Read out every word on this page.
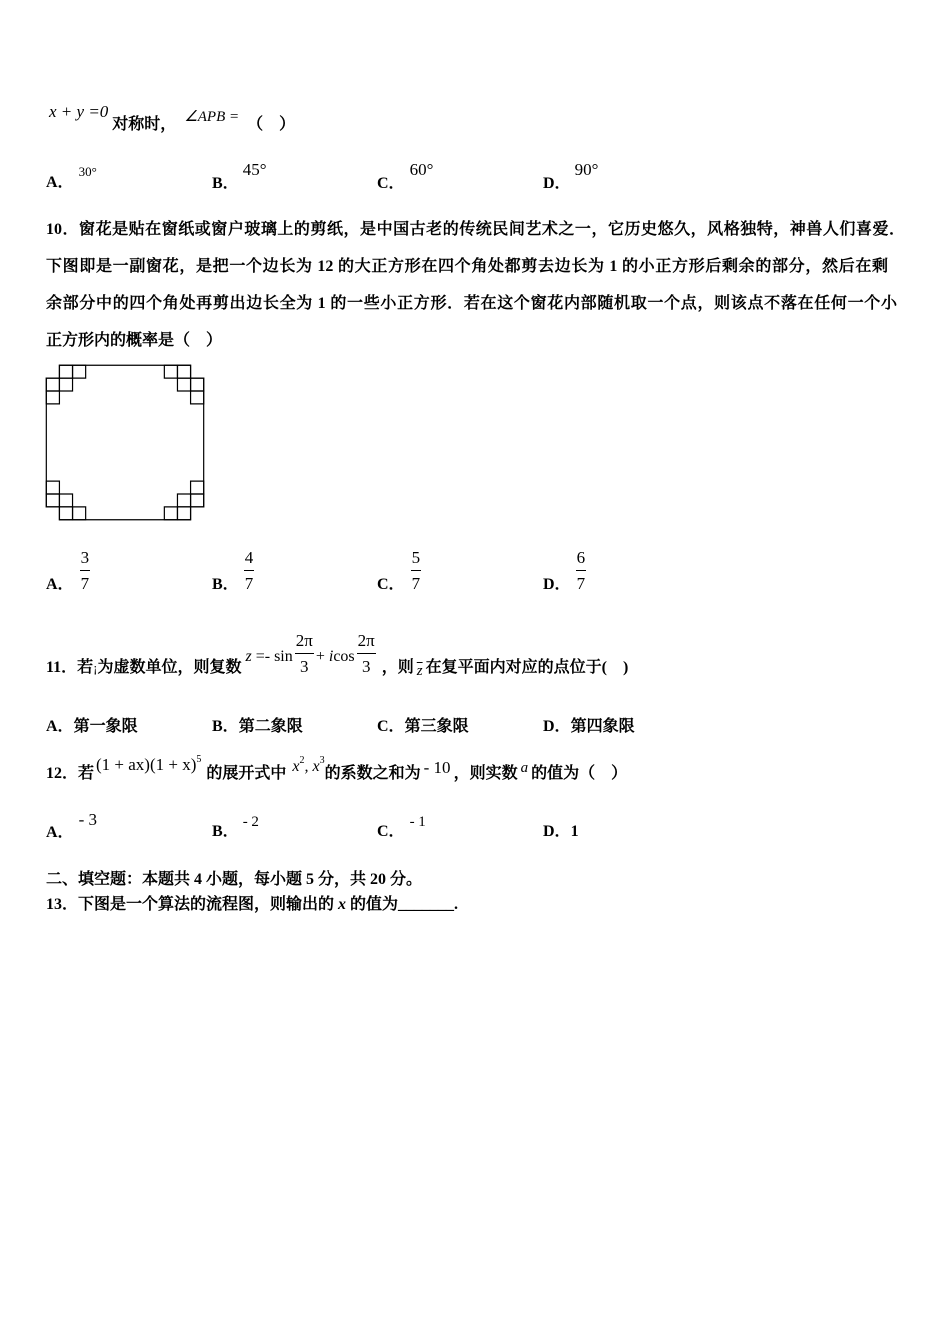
x + y =0 对称时， ∠APB = （　）
A．30°
B．45°
C．60°
D．90°
10．窗花是贴在窗纸或窗户玻璃上的剪纸，是中国古老的传统民间艺术之一，它历史悠久，风格独特，神兽人们喜爱．
下图即是一副窗花，是把一个边长为 12 的大正方形在四个角处都剪去边长为 1 的小正方形后剩余的部分，然后在剩
余部分中的四个角处再剪出边长全为 1 的一些小正方形．若在这个窗花内部随机取一个点，则该点不落在任何一个小
正方形内的概率是（　）
A． $\frac{3}{7}$	B． $\frac{4}{7}$	C． $\frac{5}{7}$	D． $\frac{6}{7}$
11．若¡为虚数单位，则复数 $z =- \sin \frac{2\pi}{3} + icos \frac{2\pi}{3}$ ，则 $\overline{z}$ 在复平面内对应的点位于(　)
A．第一象限	B．第二象限	C．第三象限	D．第四象限
12．若 $(1 + ax)(1 + x)^5$的展开式中 $x^2$, $x^3$的系数之和为 - 10 ，则实数 a 的值为（　）
A．- 3
B．- 2
C．- 1
D．1
二、填空题：本题共 4 小题，每小题 5 分，共 20 分。
13．下图是一个算法的流程图，则输出的 x 的值为_______.
